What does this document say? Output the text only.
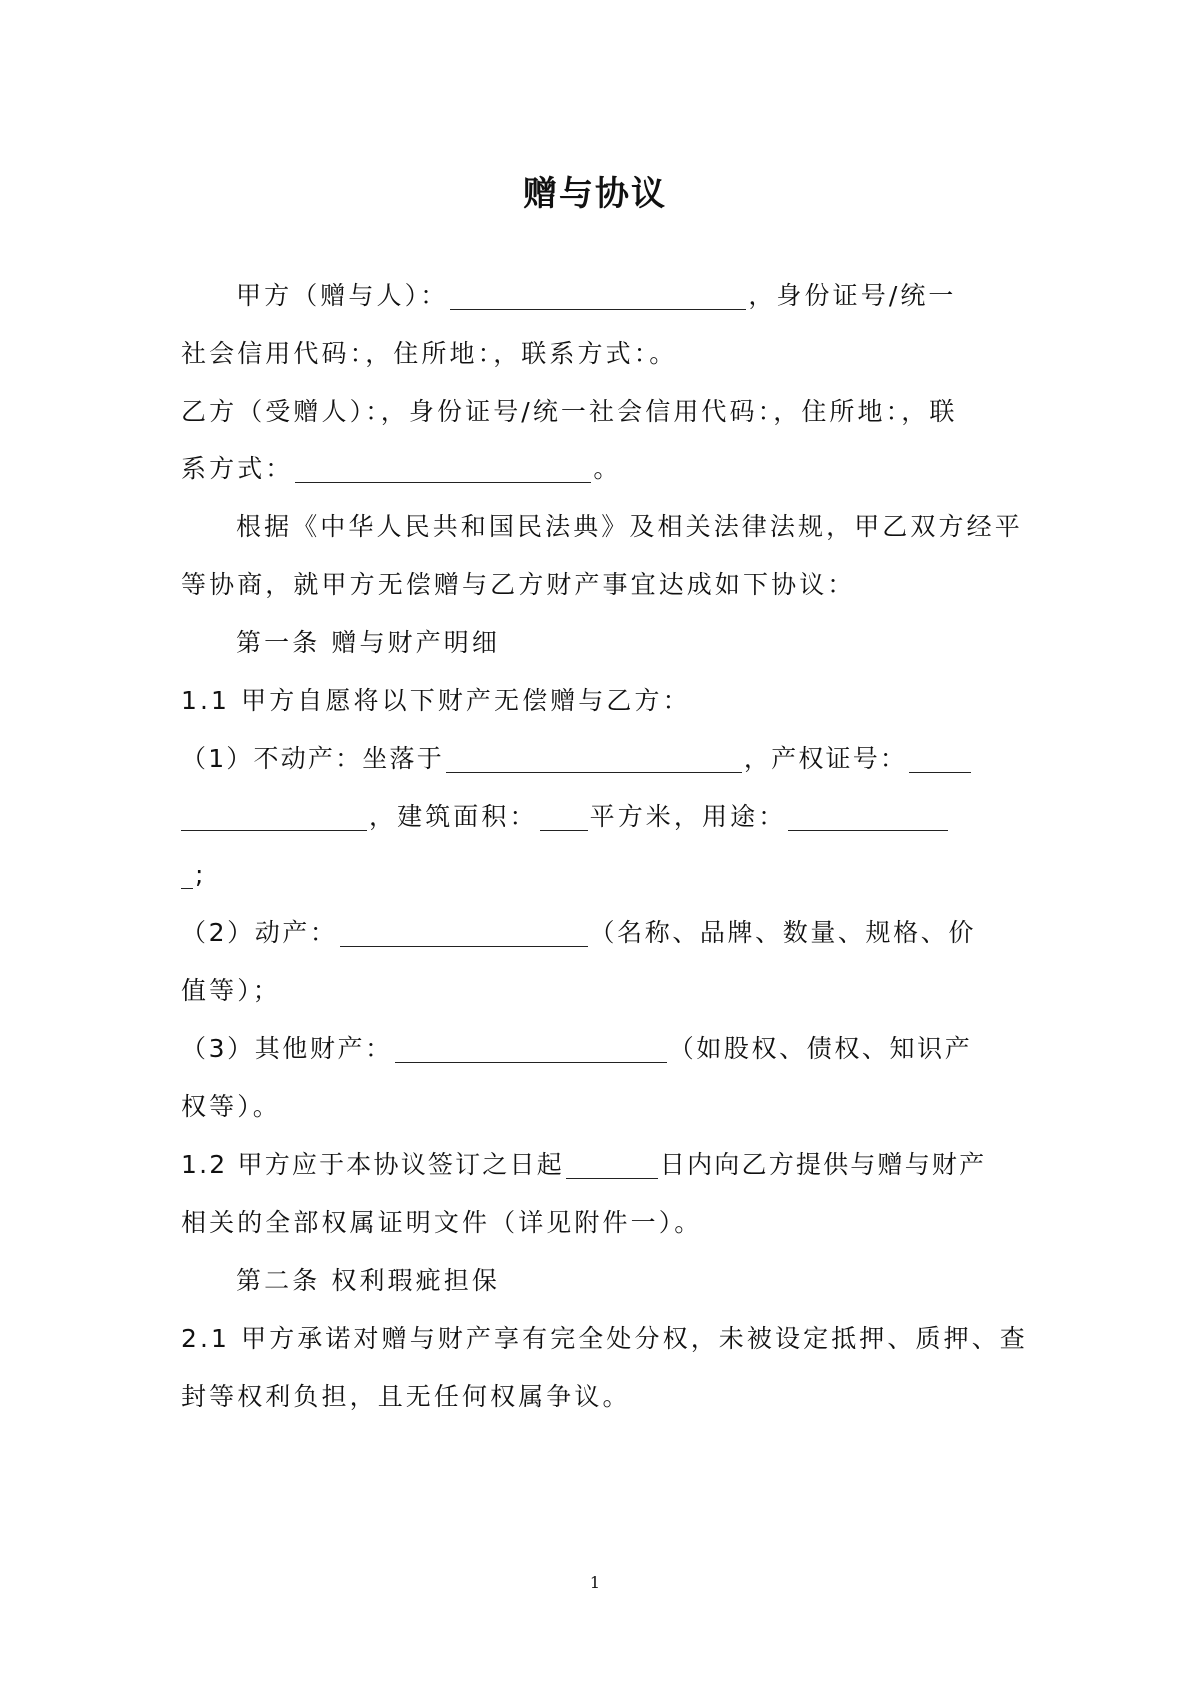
赠与协议
甲方（赠与人）：	，身份证号/统一
社会信用代码：，住所地：，联系方式：。
乙方（受赠人）：，身份证号/统一社会信用代码：，住所地：，联
系方式：	。
根据《中华人民共和国民法典》及相关法律法规，甲乙双方经平
等协商，就甲方无偿赠与乙方财产事宜达成如下协议：
第一条 赠与财产明细
1.1 甲方自愿将以下财产无偿赠与乙方：
（1）不动产：坐落于	，产权证号：
，建筑面积： 平方米，用途：
;
（2）动产：	（名称、品牌、数量、规格、价
值等）；
（3）其他财产：	（如股权、债权、知识产
权等）。
1.2 甲方应于本协议签订之日起	日内向乙方提供与赠与财产
相关的全部权属证明文件（详见附件一）。
第二条 权利瑕疵担保
2.1 甲方承诺对赠与财产享有完全处分权，未被设定抵押、质押、查
封等权利负担，且无任何权属争议。
1
